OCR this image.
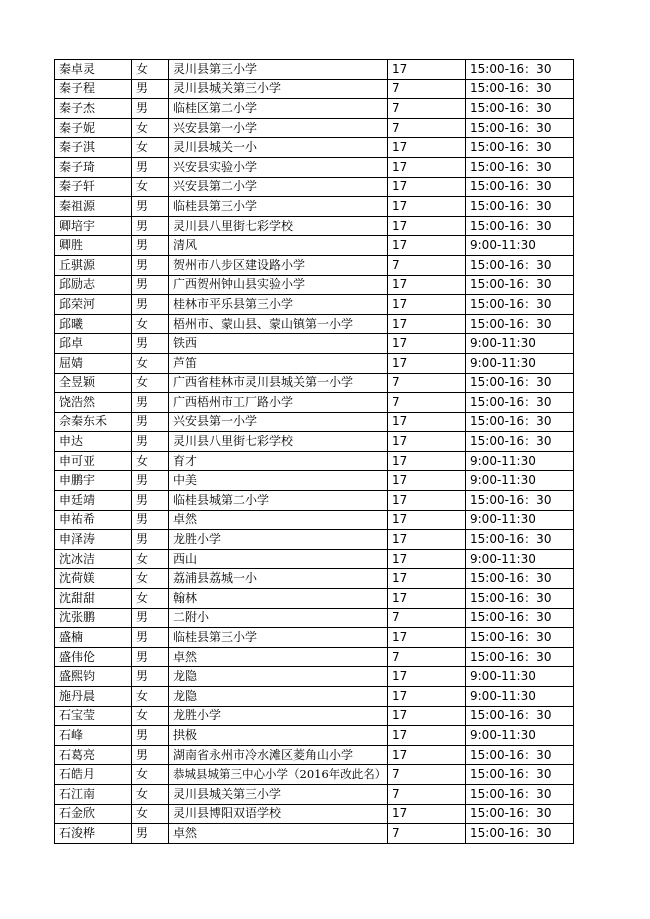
秦卓灵	女	灵川县第三小学	17	15:00-16：30
秦子程	男	灵川县城关第三小学	7	15:00-16：30
秦子杰	男	临桂区第二小学	7	15:00-16：30
秦子妮	女	兴安县第一小学	7	15:00-16：30
秦子淇	女	灵川县城关一小	17	15:00-16：30
秦子琦	男	兴安县实验小学	17	15:00-16：30
秦子轩	女	兴安县第二小学	17	15:00-16：30
秦祖源	男	临桂县第三小学	17	15:00-16：30
卿培宇	男	灵川县八里街七彩学校	17	15:00-16：30
卿胜	男	清风	17	9:00-11:30
丘骐源	男	贺州市八步区建设路小学	7	15:00-16：30
邱励志	男	广西贺州钟山县实验小学	17	15:00-16：30
邱荣河	男	桂林市平乐县第三小学	17	15:00-16：30
邱曦	女	梧州市、蒙山县、蒙山镇第一小学	17	15:00-16：30
邱卓	男	铁西	17	9:00-11:30
屈婧	女	芦笛	17	9:00-11:30
全昱颖	女	广西省桂林市灵川县城关第一小学	7	15:00-16：30
饶浩然	男	广西梧州市工厂路小学	7	15:00-16：30
佘秦东禾	男	兴安县第一小学	17	15:00-16：30
申达	男	灵川县八里街七彩学校	17	15:00-16：30
申可亚	女	育才	17	9:00-11:30
申鹏宇	男	中美	17	9:00-11:30
申廷靖	男	临桂县城第二小学	17	15:00-16：30
申祐希	男	卓然	17	9:00-11:30
申泽涛	男	龙胜小学	17	15:00-16：30
沈冰洁	女	西山	17	9:00-11:30
沈荷媄	女	荔浦县荔城一小	17	15:00-16：30
沈甜甜	女	翰林	17	15:00-16：30
沈张鹏	男	二附小	7	15:00-16：30
盛楠	男	临桂县第三小学	17	15:00-16：30
盛伟伦	男	卓然	7	15:00-16：30
盛熙钧	男	龙隐	17	9:00-11:30
施丹晨	女	龙隐	17	9:00-11:30
石宝莹	女	龙胜小学	17	15:00-16：30
石峰	男	拱极	17	9:00-11:30
石葛亮	男	湖南省永州市冷水滩区菱角山小学	17	15:00-16：30
石皓月	女	恭城县城第三中心小学（2016年改此名）	7	15:00-16：30
石江南	女	灵川县城关第三小学	7	15:00-16：30
石金欣	女	灵川县博阳双语学校	17	15:00-16：30
石浚桦	男	卓然	7	15:00-16：30
